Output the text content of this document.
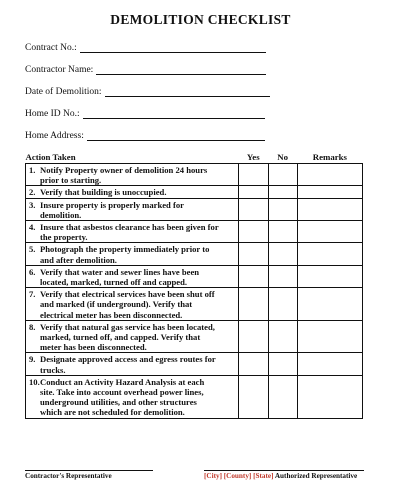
DEMOLITION CHECKLIST
Contract No.:
Contractor Name:
Date of Demolition:
Home ID No.:
Home Address:
Action Taken	Yes	No	Remarks

1. Notify Property owner of demolition 24 hours
prior to starting.			

2. Verify that building is unoccupied.			

3. Insure property is properly marked for
demolition.			

4. Insure that asbestos clearance has been given for
the property.			

5. Photograph the property immediately prior to
and after demolition.			

6. Verify that water and sewer lines have been
located, marked, turned off and capped.			

7. Verify that electrical services have been shut off
and marked (if underground). Verify that
electrical meter has been disconnected.			

8. Verify that natural gas service has been located,
marked, turned off, and capped. Verify that
meter has been disconnected.			

9. Designate approved access and egress routes for
trucks.			

10. Conduct an Activity Hazard Analysis at each
site. Take into account overhead power lines,
underground utilities, and other structures
which are not scheduled for demolition.			

Contractor's Representative	[City] [County] [State] Authorized Representative
